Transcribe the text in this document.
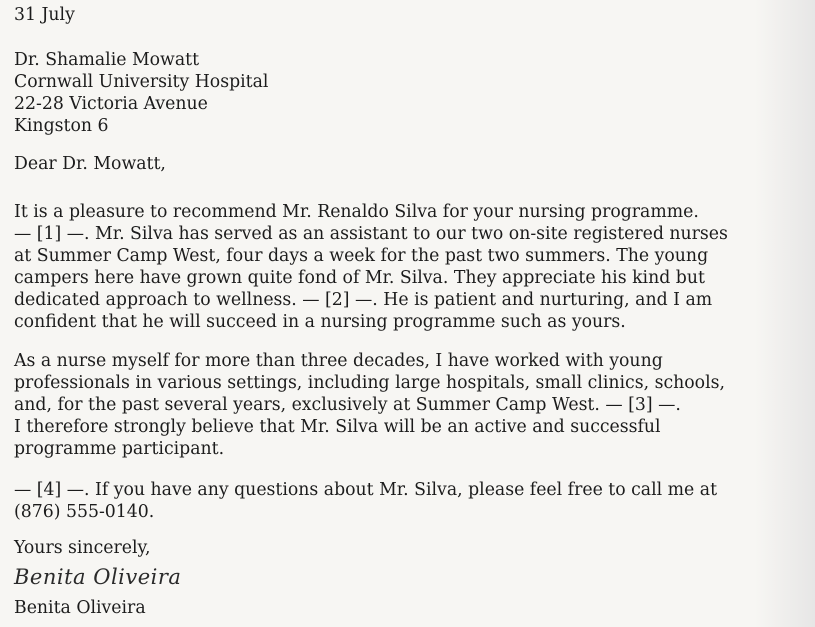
31 July
Dr. Shamalie Mowatt
Cornwall University Hospital
22-28 Victoria Avenue
Kingston 6
Dear Dr. Mowatt,
It is a pleasure to recommend Mr. Renaldo Silva for your nursing programme.
— [1] —. Mr. Silva has served as an assistant to our two on-site registered nurses
at Summer Camp West, four days a week for the past two summers. The young
campers here have grown quite fond of Mr. Silva. They appreciate his kind but
dedicated approach to wellness. — [2] —. He is patient and nurturing, and I am
confident that he will succeed in a nursing programme such as yours.
As a nurse myself for more than three decades, I have worked with young
professionals in various settings, including large hospitals, small clinics, schools,
and, for the past several years, exclusively at Summer Camp West. — [3] —.
I therefore strongly believe that Mr. Silva will be an active and successful
programme participant.
— [4] —. If you have any questions about Mr. Silva, please feel free to call me at
(876) 555-0140.
Yours sincerely,
Benita Oliveira
Benita Oliveira
